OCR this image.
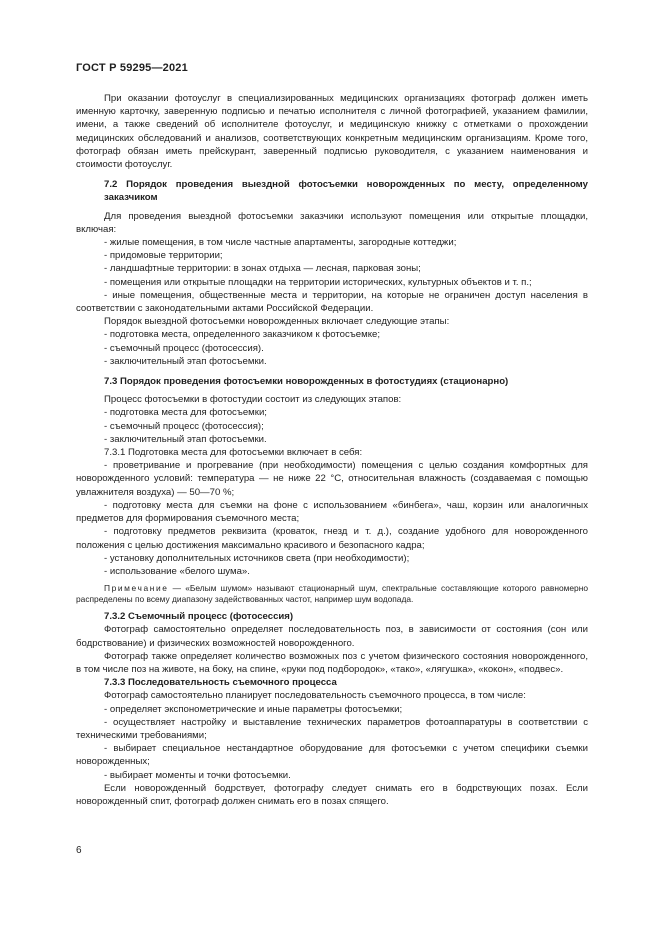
ГОСТ Р 59295—2021

При оказании фотоуслуг в специализированных медицинских организациях фотограф должен иметь именную карточку, заверенную подписью и печатью исполнителя с личной фотографией, указанием фамилии, имени, а также сведений об исполнителе фотоуслуг, и медицинскую книжку с отметками о прохождении медицинских обследований и анализов, соответствующих конкретным медицинским организациям. Кроме того, фотограф обязан иметь прейскурант, заверенный подписью руководителя, с указанием наименования и стоимости фотоуслуг.

7.2 Порядок проведения выездной фотосъемки новорожденных по месту, определенному заказчиком

Для проведения выездной фотосъемки заказчики используют помещения или открытые площадки, включая:

- жилые помещения, в том числе частные апартаменты, загородные коттеджи;

- придомовые территории;

- ландшафтные территории: в зонах отдыха — лесная, парковая зоны;

- помещения или открытые площадки на территории исторических, культурных объектов и т. п.;

- иные помещения, общественные места и территории, на которые не ограничен доступ населения в соответствии с законодательными актами Российской Федерации.

Порядок выездной фотосъемки новорожденных включает следующие этапы:

- подготовка места, определенного заказчиком к фотосъемке;

- съемочный процесс (фотосессия).

- заключительный этап фотосъемки.

7.3 Порядок проведения фотосъемки новорожденных в фотостудиях (стационарно)

Процесс фотосъемки в фотостудии состоит из следующих этапов:

- подготовка места для фотосъемки;

- съемочный процесс (фотосессия);

- заключительный этап фотосъемки.

7.3.1 Подготовка места для фотосъемки включает в себя:

- проветривание и прогревание (при необходимости) помещения с целью создания комфортных для новорожденного условий: температура — не ниже 22 °С, относительная влажность (создаваемая с помощью увлажнителя воздуха) — 50—70 %;

- подготовку места для съемки на фоне с использованием «бинбега», чаш, корзин или аналогичных предметов для формирования съемочного места;

- подготовку предметов реквизита (кроваток, гнезд и т. д.), создание удобного для новорожденного положения с целью достижения максимально красивого и безопасного кадра;

- установку дополнительных источников света (при необходимости);

- использование «белого шума».

Примечание — «Белым шумом» называют стационарный шум, спектральные составляющие которого равномерно распределены по всему диапазону задействованных частот, например шум водопада.

7.3.2 Съемочный процесс (фотосессия)

Фотограф самостоятельно определяет последовательность поз, в зависимости от состояния (сон или бодрствование) и физических возможностей новорожденного.

Фотограф также определяет количество возможных поз с учетом физического состояния новорожденного, в том числе поз на животе, на боку, на спине, «руки под подбородок», «тако», «лягушка», «кокон», «подвес».

7.3.3 Последовательность съемочного процесса

Фотограф самостоятельно планирует последовательность съемочного процесса, в том числе:

- определяет экспонометрические и иные параметры фотосъемки;

- осуществляет настройку и выставление технических параметров фотоаппаратуры в соответствии с техническими требованиями;

- выбирает специальное нестандартное оборудование для фотосъемки с учетом специфики съемки новорожденных;

- выбирает моменты и точки фотосъемки.

Если новорожденный бодрствует, фотографу следует снимать его в бодрствующих позах. Если новорожденный спит, фотограф должен снимать его в позах спящего.

6
